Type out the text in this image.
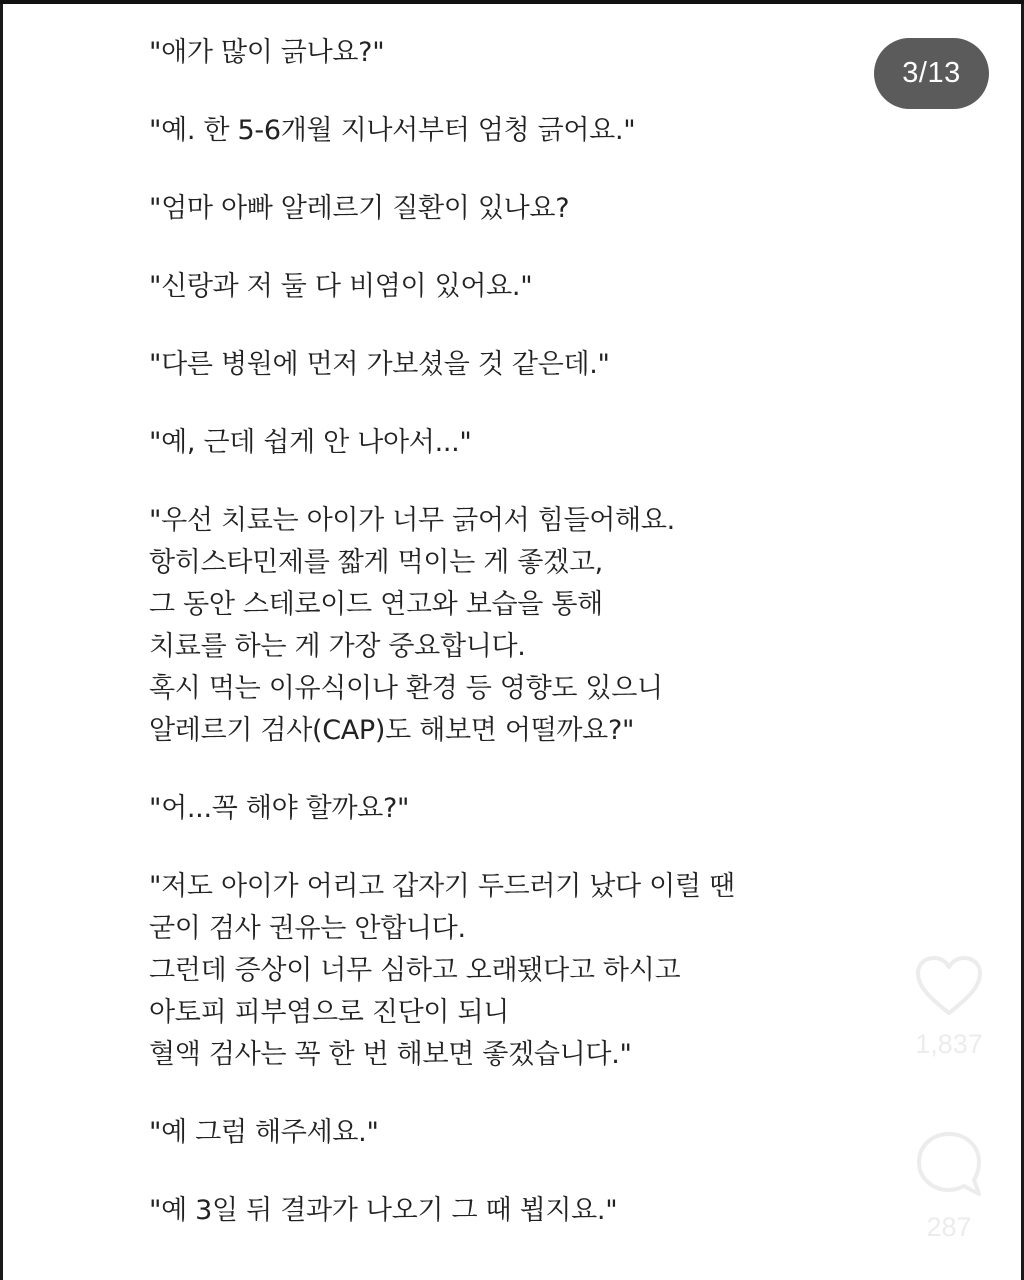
"애가 많이 긁나요?"

"예. 한 5-6개월 지나서부터 엄청 긁어요."

"엄마 아빠 알레르기 질환이 있나요?

"신랑과 저 둘 다 비염이 있어요."

"다른 병원에 먼저 가보셨을 것 같은데."

"예, 근데 쉽게 안 나아서..."

"우선 치료는 아이가 너무 긁어서 힘들어해요.
항히스타민제를 짧게 먹이는 게 좋겠고,
그 동안 스테로이드 연고와 보습을 통해
치료를 하는 게 가장 중요합니다.
혹시 먹는 이유식이나 환경 등 영향도 있으니
알레르기 검사(CAP)도 해보면 어떨까요?"

"어...꼭 해야 할까요?"

"저도 아이가 어리고 갑자기 두드러기 났다 이럴 땐
굳이 검사 권유는 안합니다.
그런데 증상이 너무 심하고 오래됐다고 하시고
아토피 피부염으로 진단이 되니
혈액 검사는 꼭 한 번 해보면 좋겠습니다."

"예 그럼 해주세요."

"예 3일 뒤 결과가 나오기 그 때 뵙지요."

3/13
1,837
287
